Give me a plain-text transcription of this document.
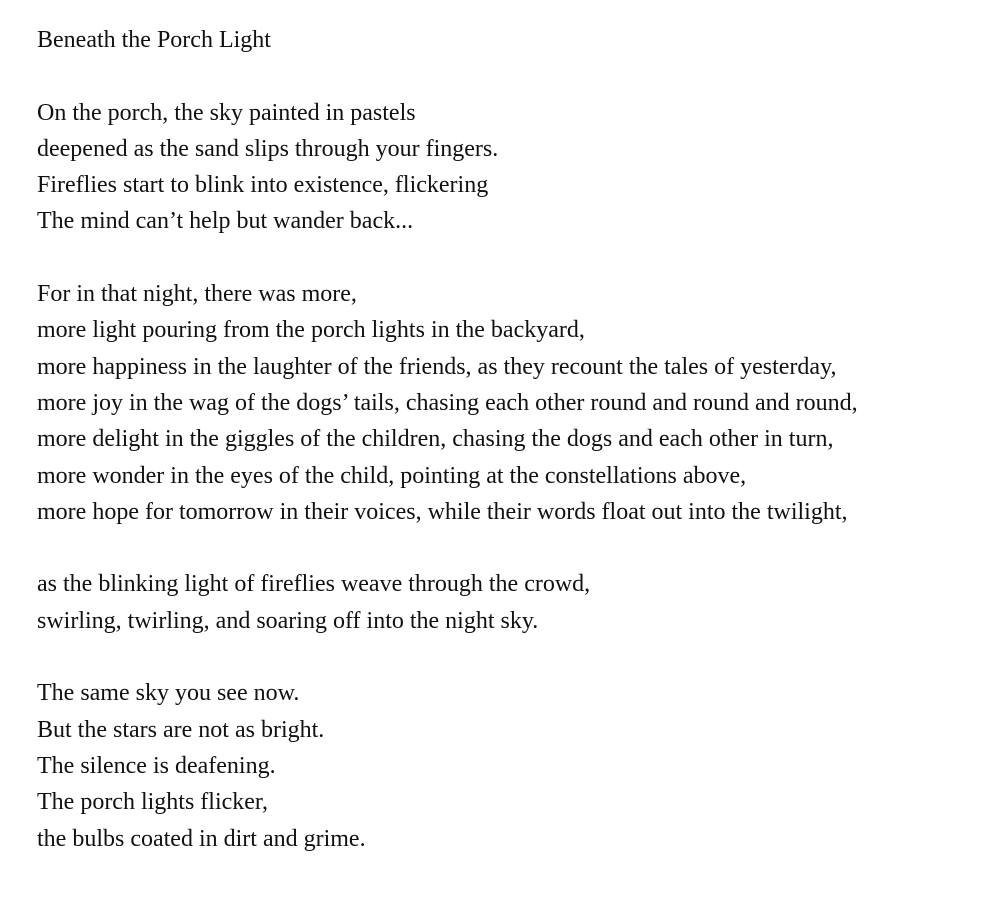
Beneath the Porch Light
On the porch, the sky painted in pastels
deepened as the sand slips through your fingers.
Fireflies start to blink into existence, flickering
The mind can’t help but wander back...
For in that night, there was more,
more light pouring from the porch lights in the backyard,
more happiness in the laughter of the friends, as they recount the tales of yesterday,
more joy in the wag of the dogs’ tails, chasing each other round and round and round,
more delight in the giggles of the children, chasing the dogs and each other in turn,
more wonder in the eyes of the child, pointing at the constellations above,
more hope for tomorrow in their voices, while their words float out into the twilight,
as the blinking light of fireflies weave through the crowd,
swirling, twirling, and soaring off into the night sky.
The same sky you see now.
But the stars are not as bright.
The silence is deafening.
The porch lights flicker,
the bulbs coated in dirt and grime.
